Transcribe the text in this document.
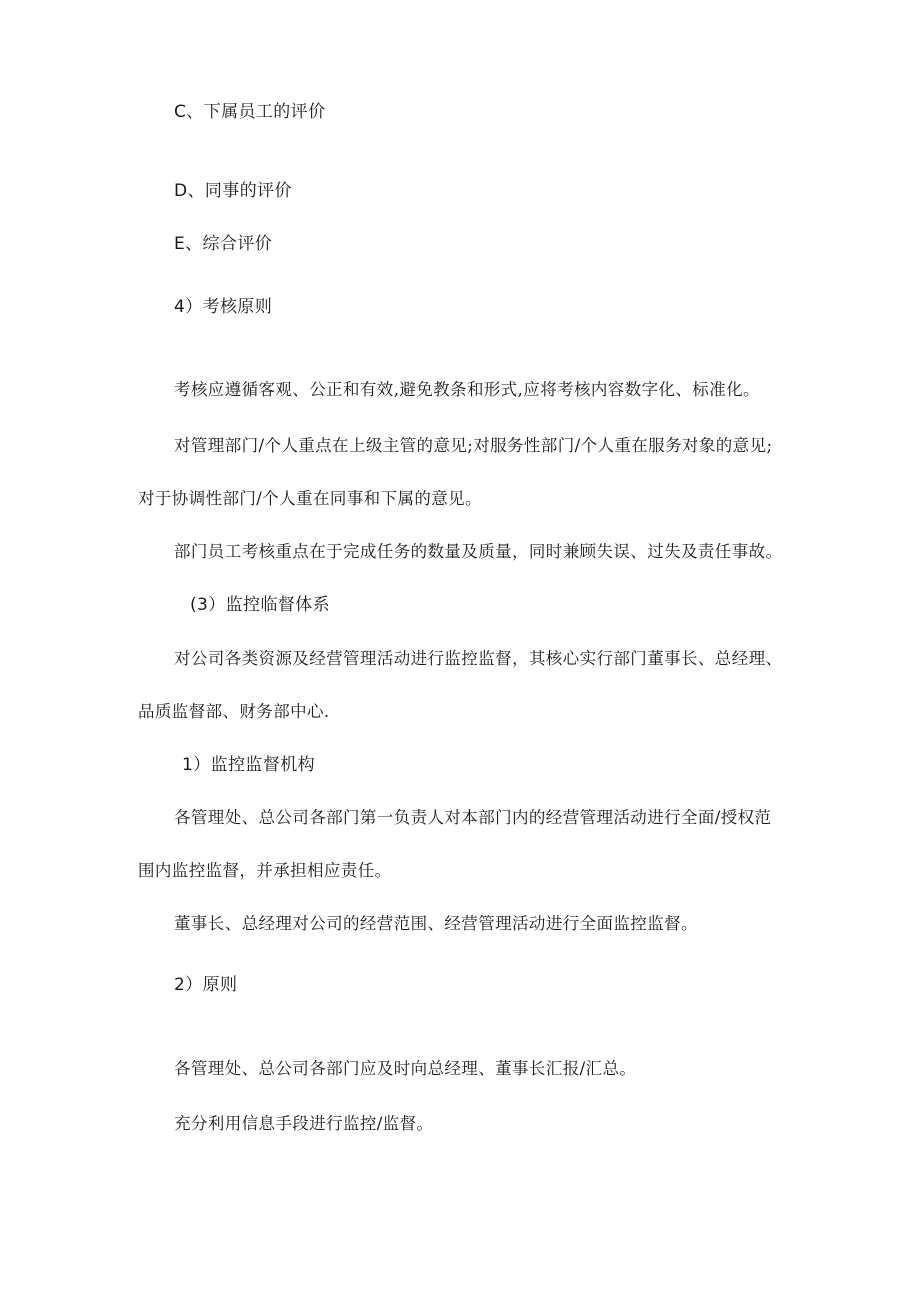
C、下属员工的评价
D、同事的评价
E、综合评价
4）考核原则
考核应遵循客观、公正和有效,避免教条和形式,应将考核内容数字化、标准化。
对管理部门/个人重点在上级主管的意见;对服务性部门/个人重在服务对象的意见;
对于协调性部门/个人重在同事和下属的意见。
部门员工考核重点在于完成任务的数量及质量，同时兼顾失误、过失及责任事故。
(3）监控临督体系
对公司各类资源及经营管理活动进行监控监督，其核心实行部门董事长、总经理、
品质监督部、财务部中心.
1）监控监督机构
各管理处、总公司各部门第一负责人对本部门内的经营管理活动进行全面/授权范
围内监控监督，并承担相应责任。
董事长、总经理对公司的经营范围、经营管理活动进行全面监控监督。
2）原则
各管理处、总公司各部门应及时向总经理、董事长汇报/汇总。
充分利用信息手段进行监控/监督。
